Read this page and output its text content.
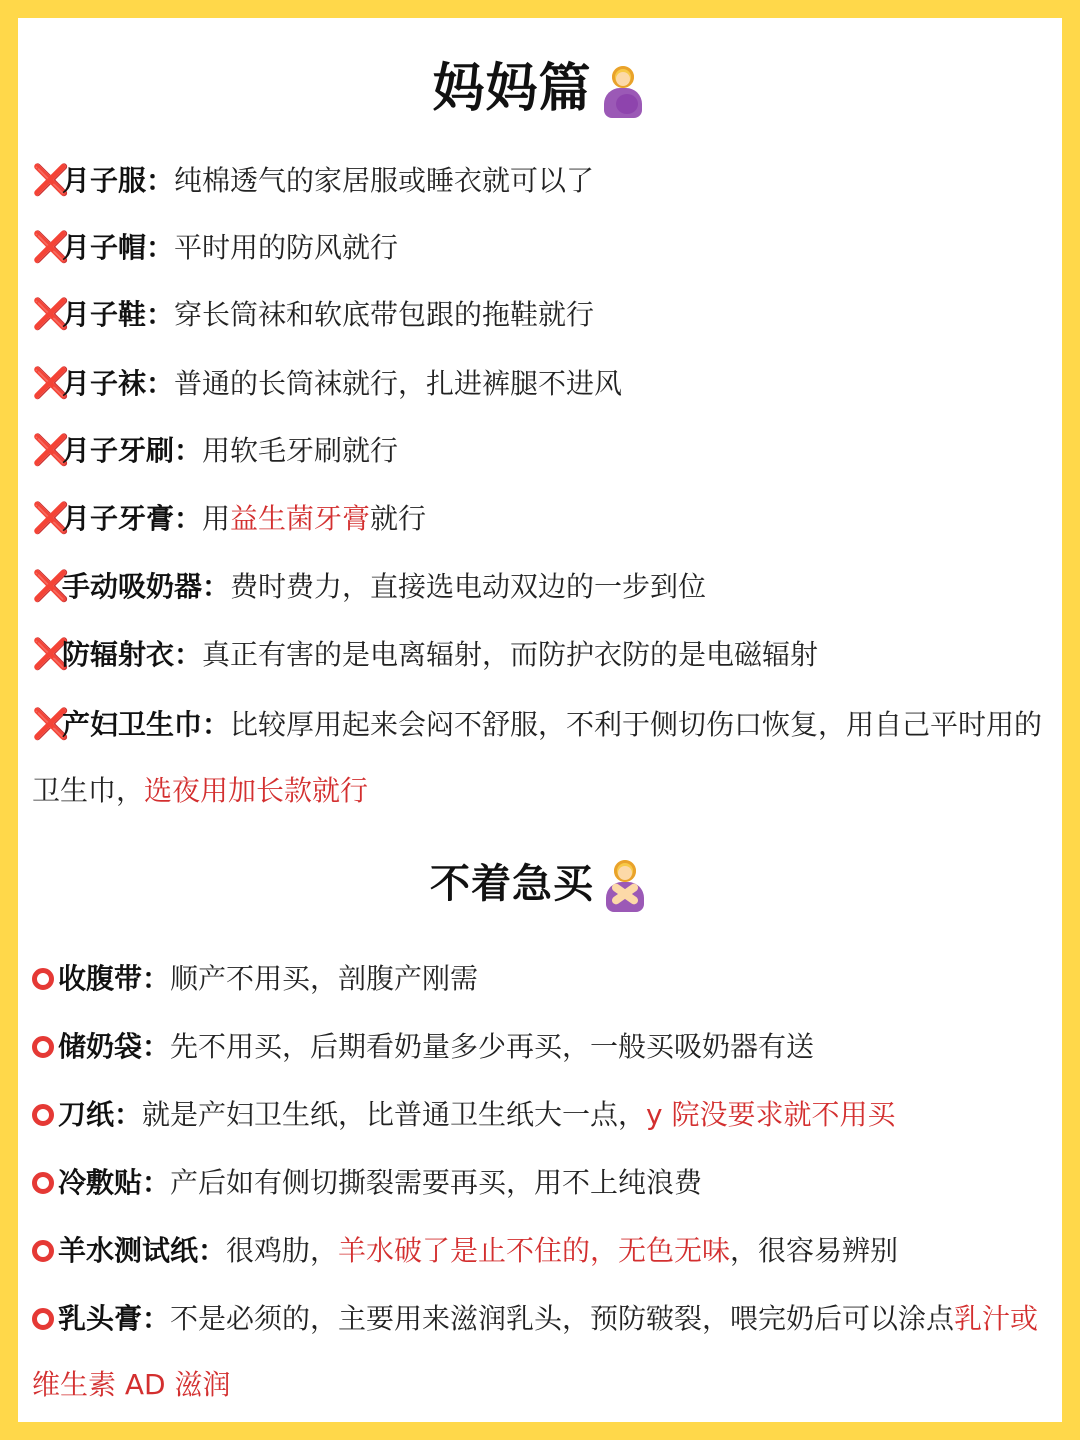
妈妈篇
❌月子服：纯棉透气的家居服或睡衣就可以了
❌月子帽：平时用的防风就行
❌月子鞋：穿长筒袜和软底带包跟的拖鞋就行
❌月子袜：普通的长筒袜就行，扎进裤腿不进风
❌月子牙刷：用软毛牙刷就行
❌月子牙膏：用益生菌牙膏就行
❌手动吸奶器：费时费力，直接选电动双边的一步到位
❌防辐射衣：真正有害的是电离辐射，而防护衣防的是电磁辐射
❌产妇卫生巾：比较厚用起来会闷不舒服，不利于侧切伤口恢复，用自己平时用的卫生巾，选夜用加长款就行
不着急买
收腹带：顺产不用买，剖腹产刚需
储奶袋：先不用买，后期看奶量多少再买，一般买吸奶器有送
刀纸：就是产妇卫生纸，比普通卫生纸大一点，y 院没要求就不用买
冷敷贴：产后如有侧切撕裂需要再买，用不上纯浪费
羊水测试纸：很鸡肋，羊水破了是止不住的，无色无味，很容易辨别
乳头膏：不是必须的，主要用来滋润乳头，预防皲裂，喂完奶后可以涂点乳汁或维生素 AD 滋润
